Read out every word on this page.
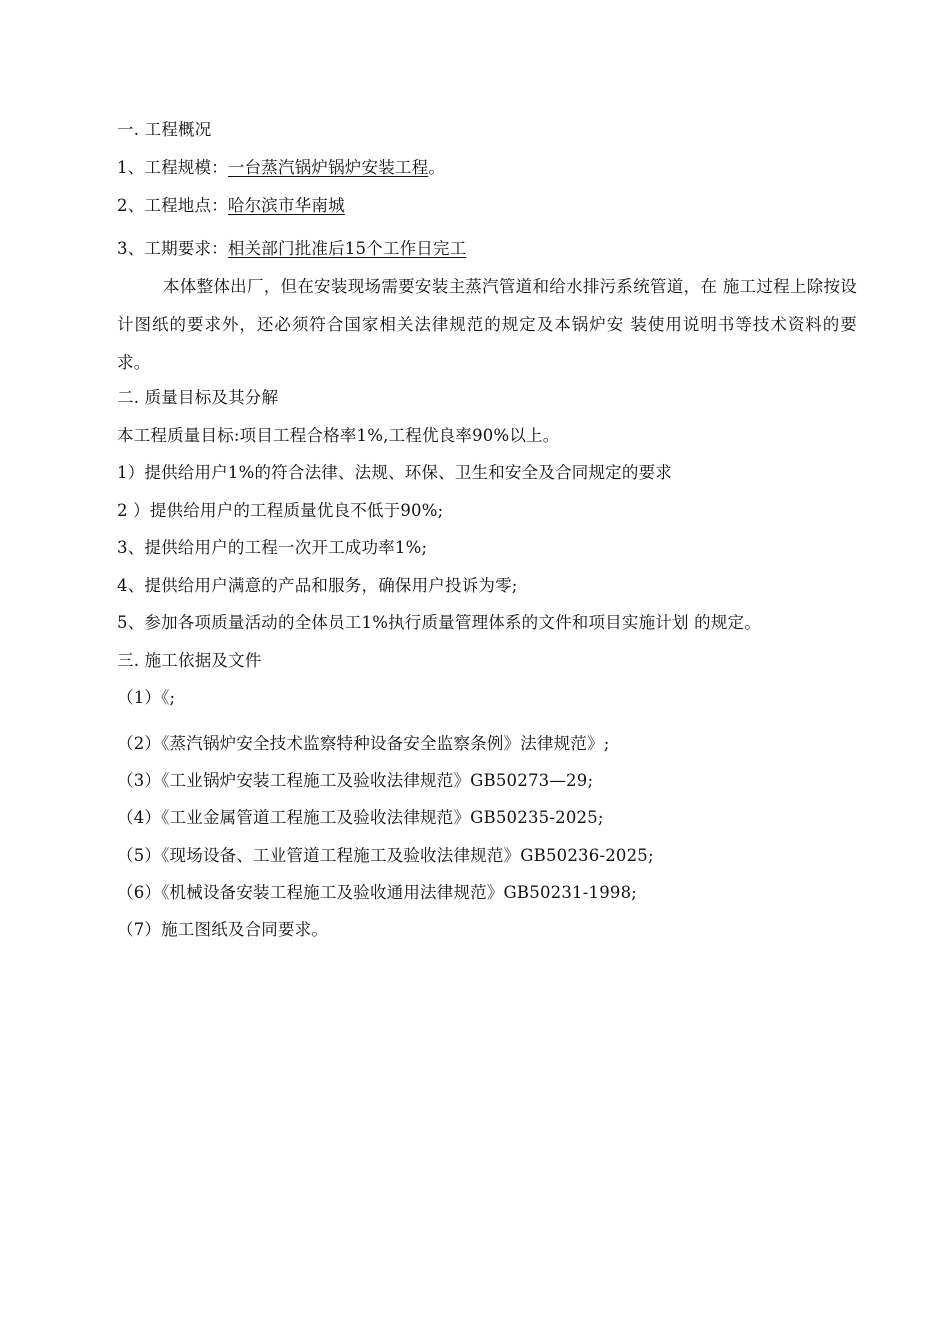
一. 工程概况
1、工程规模：一台蒸汽锅炉锅炉安装工程。
2、工程地点：哈尔滨市华南城
3、工期要求：相关部门批准后15个工作日完工
本体整体出厂，但在安装现场需要安装主蒸汽管道和给水排污系统管道，在 施工过程上除按设计图纸的要求外，还必须符合国家相关法律规范的规定及本锅炉安 装使用说明书等技术资料的要求。
二. 质量目标及其分解
本工程质量目标:项目工程合格率1%,工程优良率90%以上。
1）提供给用户1%的符合法律、法规、环保、卫生和安全及合同规定的要求
2 ）提供给用户的工程质量优良不低于90%;
3、提供给用户的工程一次开工成功率1%;
4、提供给用户满意的产品和服务，确保用户投诉为零;
5、参加各项质量活动的全体员工1%执行质量管理体系的文件和项目实施计划 的规定。
三. 施工依据及文件
（1）《;
（2）《蒸汽锅炉安全技术监察特种设备安全监察条例》法律规范》;
（3）《工业锅炉安装工程施工及验收法律规范》GB50273—29;
（4）《工业金属管道工程施工及验收法律规范》GB50235-2025;
（5）《现场设备、工业管道工程施工及验收法律规范》GB50236-2025;
（6）《机械设备安装工程施工及验收通用法律规范》GB50231-1998;
（7）施工图纸及合同要求。
